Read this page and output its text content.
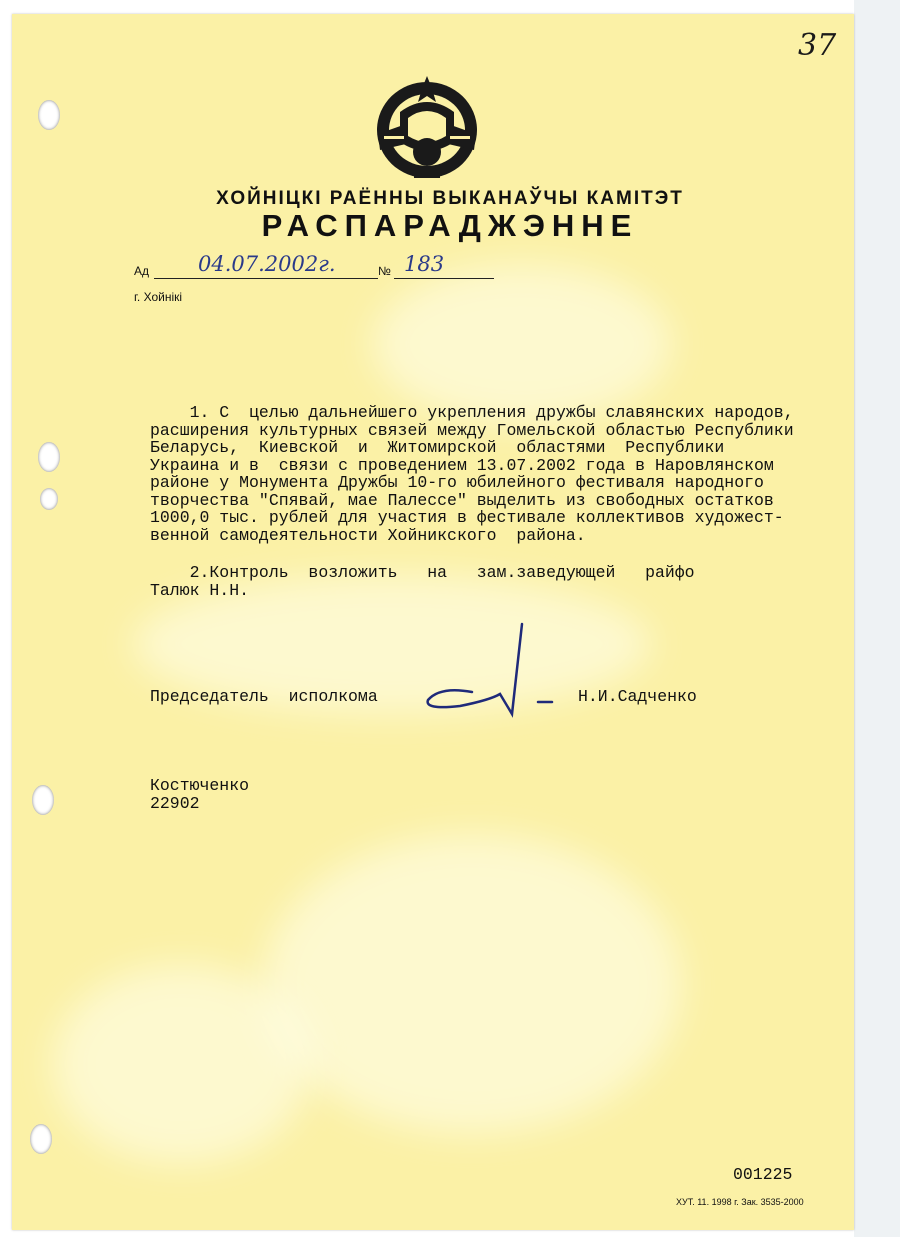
37
ХОЙНІЦКІ РАЁННЫ ВЫКАНАЎЧЫ КАМІТЭТ
РАСПАРАДЖЭННЕ
Ад 04.07.2002г.	№ 183
г. Хойнікі
1. С  целью дальнейшего укрепления дружбы славянских народов,
расширения культурных связей между Гомельской областью Республики
Беларусь,  Киевской  и  Житомирской  областями  Республики
Украина и в  связи с проведением 13.07.2002 года в Наровлянском
районе у Монумента Дружбы 10-го юбилейного фестиваля народного
творчества "Спявай, мае Палессе" выделить из свободных остатков
1000,0 тыс. рублей для участия в фестивале коллективов художест-
венной самодеятельности Хойникского  района.
2.Контроль  возложить   на   зам.заведующей   райфо
Талюк Н.Н.
Председатель  исполкома	Н.И.Садченко
Костюченко
22902
001225
ХУТ. 11. 1998 г. Зак. 3535-2000
